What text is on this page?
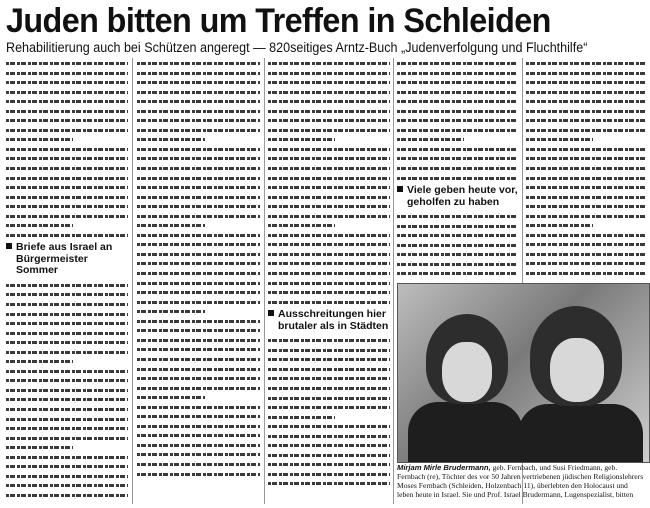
Juden bitten um Treffen in Schleiden
Rehabilitierung auch bei Schützen angeregt — 820seitiges Arntz-Buch „Judenverfolgung und Fluchthilfe“
Briefe aus Israel an
Bürgermeister Sommer
Ausschreitungen hier
brutaler als in Städten
Viele geben heute vor,
geholfen zu haben
Mirjam Mirle Brudermann, geb. Fernbach, und Susi Friedmann, geb.
Fernbach (re), Töchter des vor 50 Jahren vertriebenen jüdischen Religionslehrers
Moses Fernbach (Schleiden, Holzenbach 11), überlebten den Holocaust und
leben heute in Israel. Sie und Prof. Israel Brudermann, Lugenspezialist, bitten
